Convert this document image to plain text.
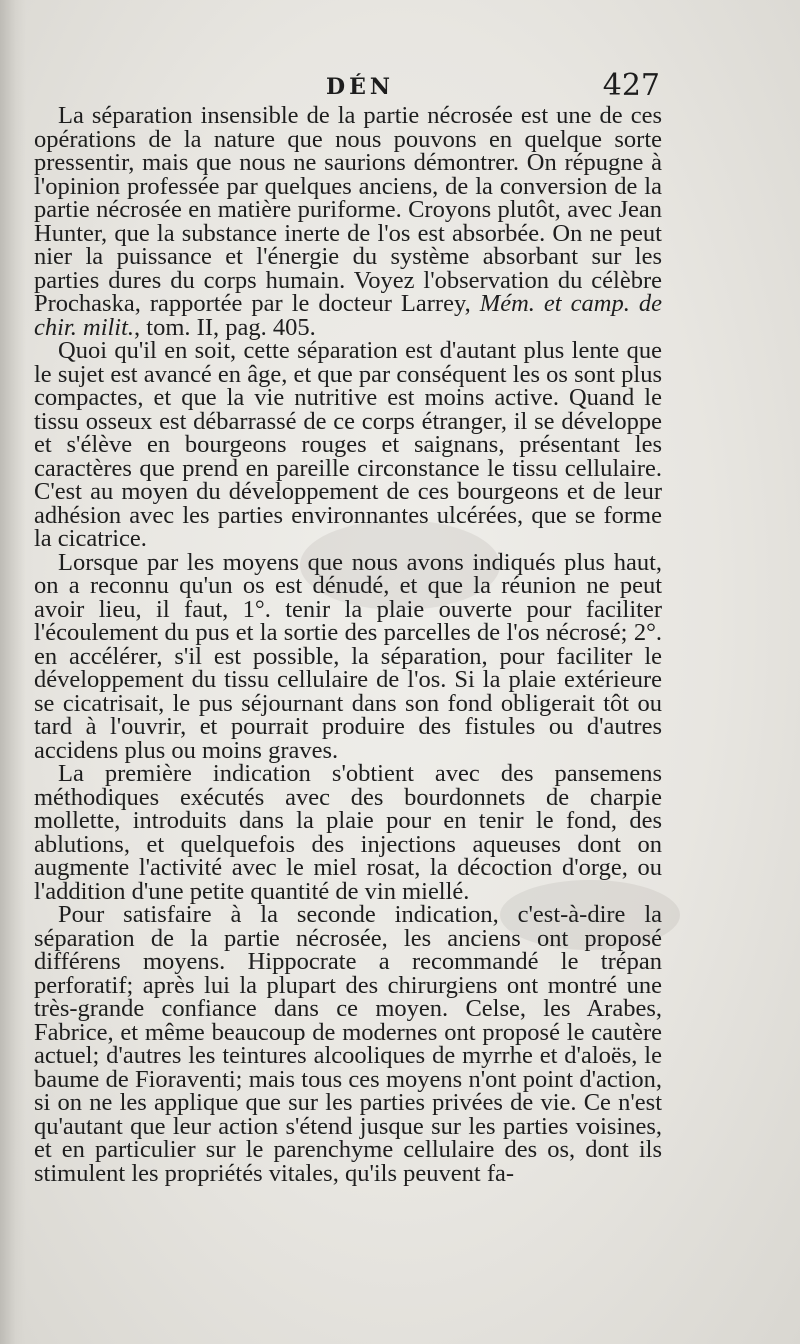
DÉN	427

La séparation insensible de la partie nécrosée est une de ces opérations de la nature que nous pouvons en quelque sorte pressentir, mais que nous ne saurions démontrer. On répugne à l'opinion professée par quelques anciens, de la conversion de la partie nécrosée en matière puriforme. Croyons plutôt, avec Jean Hunter, que la substance inerte de l'os est absorbée. On ne peut nier la puissance et l'énergie du système absorbant sur les parties dures du corps humain. Voyez l'observation du célèbre Prochaska, rapportée par le docteur Larrey, Mém. et camp. de chir. milit., tom. II, pag. 405.

Quoi qu'il en soit, cette séparation est d'autant plus lente que le sujet est avancé en âge, et que par conséquent les os sont plus compactes, et que la vie nutritive est moins active. Quand le tissu osseux est débarrassé de ce corps étranger, il se développe et s'élève en bourgeons rouges et saignans, présentant les caractères que prend en pareille circonstance le tissu cellulaire. C'est au moyen du développement de ces bourgeons et de leur adhésion avec les parties environnantes ulcérées, que se forme la cicatrice.

Lorsque par les moyens que nous avons indiqués plus haut, on a reconnu qu'un os est dénudé, et que la réunion ne peut avoir lieu, il faut, 1°. tenir la plaie ouverte pour faciliter l'écoulement du pus et la sortie des parcelles de l'os nécrosé; 2°. en accélérer, s'il est possible, la séparation, pour faciliter le développement du tissu cellulaire de l'os. Si la plaie extérieure se cicatrisait, le pus séjournant dans son fond obligerait tôt ou tard à l'ouvrir, et pourrait produire des fistules ou d'autres accidens plus ou moins graves.

La première indication s'obtient avec des pansemens méthodiques exécutés avec des bourdonnets de charpie mollette, introduits dans la plaie pour en tenir le fond, des ablutions, et quelquefois des injections aqueuses dont on augmente l'activité avec le miel rosat, la décoction d'orge, ou l'addition d'une petite quantité de vin miellé.

Pour satisfaire à la seconde indication, c'est-à-dire la séparation de la partie nécrosée, les anciens ont proposé différens moyens. Hippocrate a recommandé le trépan perforatif; après lui la plupart des chirurgiens ont montré une très-grande confiance dans ce moyen. Celse, les Arabes, Fabrice, et même beaucoup de modernes ont proposé le cautère actuel; d'autres les teintures alcooliques de myrrhe et d'aloës, le baume de Fioraventi; mais tous ces moyens n'ont point d'action, si on ne les applique que sur les parties privées de vie. Ce n'est qu'autant que leur action s'étend jusque sur les parties voisines, et en particulier sur le parenchyme cellulaire des os, dont ils stimulent les propriétés vitales, qu'ils peuvent fa-
